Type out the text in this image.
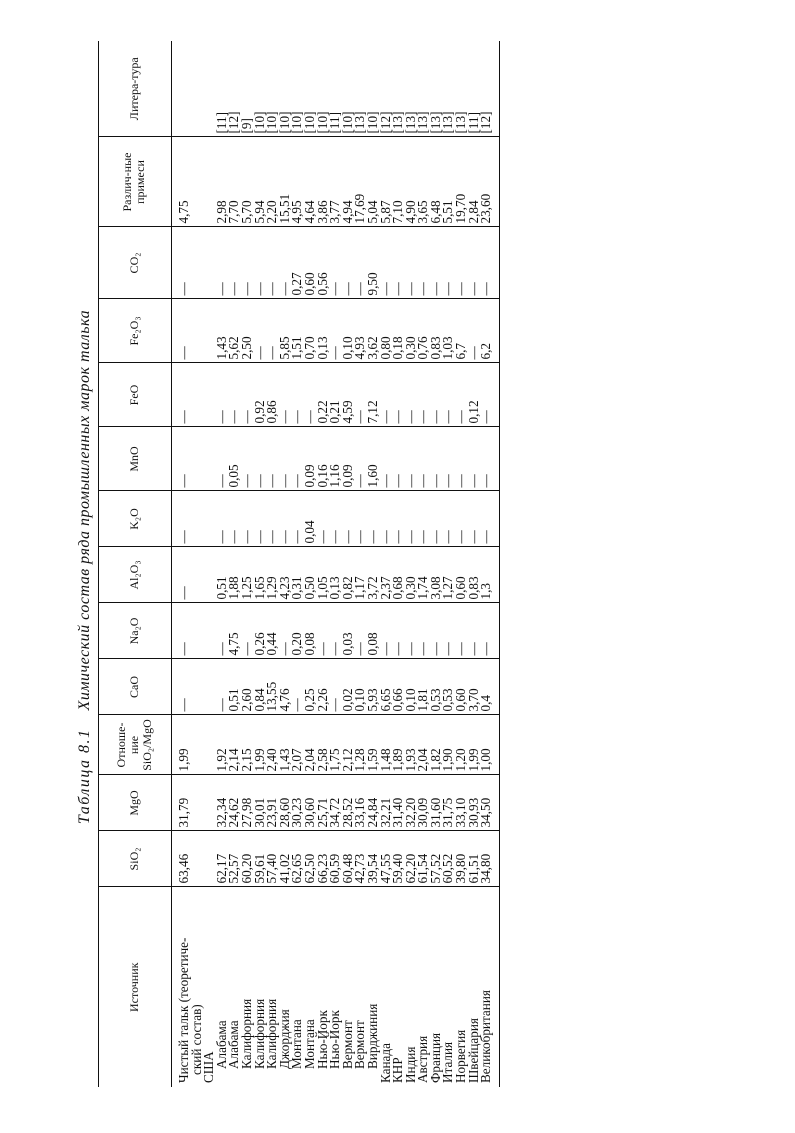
Таблица 8.1    Химический состав ряда промышленных марок талька
Источник	SiO₂	MgO	Отноше-ние SiO₂/MgO	CaO	Na₂O	Al₂O₃	K₂O	MnO	FeO	Fe₂O₃	CO₂	Различ-ные примеси	Литера-тура
Чистый тальк (теоретиче-	63,46	31,79	1,99	—	—	—	—	—	—	—	—	4,75	
ский состав)													
США													
Алабама	62,17	32,34	1,92	—	—	0,51	—	—	—	1,43	—	2,98	[11]
Алабама	52,57	24,62	2,14	0,51	4,75	1,88	—	0,05	—	5,62	—	7,70	[12]
Калифорния	60,20	27,98	2,15	2,60	—	1,25	—	—	—	2,50	—	5,70	[9]
Калифорния	59,61	30,01	1,99	0,84	0,26	1,65	—	—	0,92	—	—	5,94	[10]
Калифорния	57,40	23,91	2,40	13,55	0,44	1,29	—	—	0,86	—	—	2,20	[10]
Джорджия	41,02	28,60	1,43	4,76	—	4,23	—	—	—	5,85	—	15,51	[10]
Монтана	62,65	30,23	2,07	—	0,20	0,31	—	—	—	1,51	0,27	4,95	[10]
Монтана	62,50	30,60	2,04	0,25	0,08	0,50	0,04	0,09	—	0,70	0,60	4,64	[10]
Нью-Йорк	66,23	25,71	2,58	2,26	—	1,05	—	0,16	0,22	0,13	0,56	3,86	[10]
Нью-Йорк	60,59	34,72	1,75	—	—	0,13	—	1,16	0,21	—	—	3,77	[11]
Вермонт	60,48	28,52	2,12	0,02	0,03	0,82	—	0,09	4,59	0,10	—	4,94	[10]
Вермонт	42,73	33,16	1,28	0,10	—	1,17	—	—	—	4,93	—	17,69	[13]
Вирджиния	39,54	24,84	1,59	5,93	0,08	3,72	—	1,60	7,12	3,62	9,50	5,04	[10]
Канада	47,55	32,21	1,48	6,65	—	2,37	—	—	—	0,80	—	5,87	[12]
КНР	59,40	31,40	1,89	0,66	—	0,68	—	—	—	0,18	—	7,10	[13]
Индия	62,20	32,20	1,93	0,10	—	0,30	—	—	—	0,30	—	4,90	[13]
Австрия	61,54	30,09	2,04	1,81	—	1,74	—	—	—	0,76	—	3,65	[13]
Франция	57,52	31,60	1,82	0,53	—	3,08	—	—	—	0,83	—	6,48	[13]
Италия	60,52	31,75	1,90	0,53	—	1,27	—	—	—	1,03	—	5,51	[13]
Норвегия	39,80	33,10	1,20	0,60	—	0,60	—	—	—	6,7	—	19,70	[13]
Швейцария	61,51	30,93	1,99	3,70	—	0,83	—	—	0,12	—	—	2,84	[11]
Великобритания	34,80	34,50	1,00	0,4	—	1,3	—	—	—	6,2	—	23,60	[12]
